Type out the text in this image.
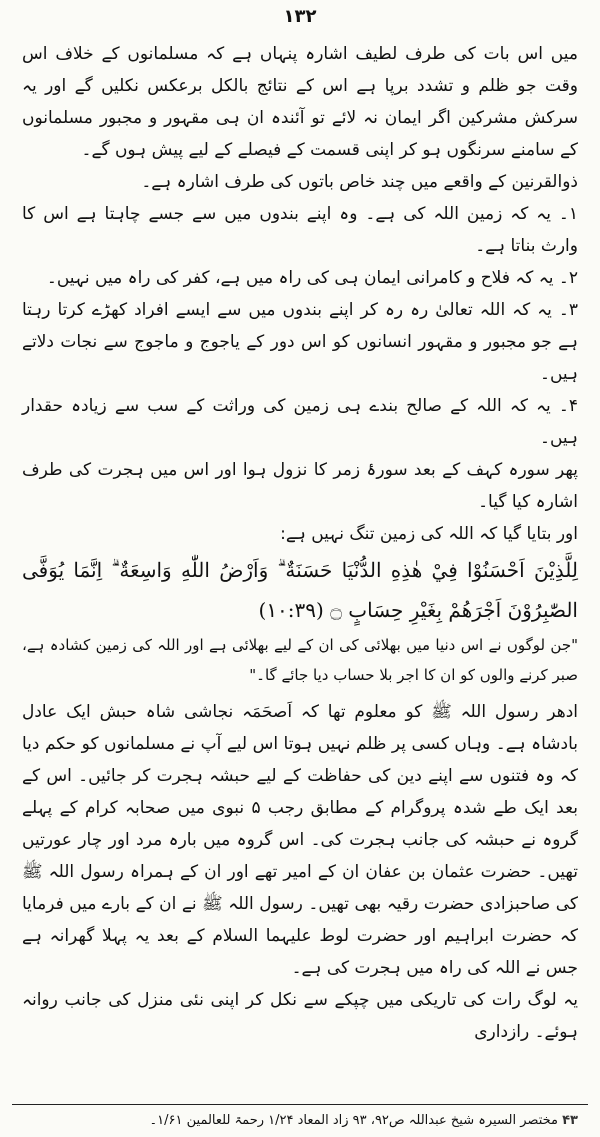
۱۳۲

میں اس بات کی طرف لطیف اشارہ پنہاں ہے کہ مسلمانوں کے خلاف اس وقت جو ظلم و تشدد برپا ہے اس کے نتائج بالکل برعکس نکلیں گے اور یہ سرکش مشرکین اگر ایمان نہ لائے تو آئندہ ان ہی مقہور و مجبور مسلمانوں کے سامنے سرنگوں ہو کر اپنی قسمت کے فیصلے کے لیے پیش ہوں گے۔

ذوالقرنین کے واقعے میں چند خاص باتوں کی طرف اشارہ ہے۔

۱۔ یہ کہ زمین اللہ کی ہے۔ وہ اپنے بندوں میں سے جسے چاہتا ہے اس کا وارث بناتا ہے۔

۲۔ یہ کہ فلاح و کامرانی ایمان ہی کی راہ میں ہے، کفر کی راہ میں نہیں۔

۳۔ یہ کہ اللہ تعالیٰ رہ رہ کر اپنے بندوں میں سے ایسے افراد کھڑے کرتا رہتا ہے جو مجبور و مقہور انسانوں کو اس دور کے یاجوج و ماجوج سے نجات دلاتے ہیں۔

۴۔ یہ کہ اللہ کے صالح بندے ہی زمین کی وراثت کے سب سے زیادہ حقدار ہیں۔

پھر سورہ کہف کے بعد سورۂ زمر کا نزول ہوا اور اس میں ہجرت کی طرف اشارہ کیا گیا۔

اور بتایا گیا کہ اللہ کی زمین تنگ نہیں ہے:

لِلَّذِيْنَ اَحْسَنُوْا فِيْ هٰذِهِ الدُّنْيَا حَسَنَةٌ ۗ وَاَرْضُ اللّٰهِ وَاسِعَةٌ ۗ اِنَّمَا يُوَفَّى الصّٰبِرُوْنَ اَجْرَهُمْ بِغَيْرِ حِسَابٍ ۝ (۱۰:۳۹)

"جن لوگوں نے اس دنیا میں بھلائی کی ان کے لیے بھلائی ہے اور اللہ کی زمین کشادہ ہے، صبر کرنے والوں کو ان کا اجر بلا حساب دیا جائے گا۔"

ادھر رسول اللہ ﷺ کو معلوم تھا کہ اَصحَمَہ نجاشی شاہ حبش ایک عادل بادشاہ ہے۔ وہاں کسی پر ظلم نہیں ہوتا اس لیے آپ نے مسلمانوں کو حکم دیا کہ وہ فتنوں سے اپنے دین کی حفاظت کے لیے حبشہ ہجرت کر جائیں۔ اس کے بعد ایک طے شدہ پروگرام کے مطابق رجب ۵ نبوی میں صحابہ کرام کے پہلے گروہ نے حبشہ کی جانب ہجرت کی۔ اس گروہ میں بارہ مرد اور چار عورتیں تھیں۔ حضرت عثمان بن عفان ان کے امیر تھے اور ان کے ہمراہ رسول اللہ ﷺ کی صاحبزادی حضرت رقیہ بھی تھیں۔ رسول اللہ ﷺ نے ان کے بارے میں فرمایا کہ حضرت ابراہیم اور حضرت لوط علیہما السلام کے بعد یہ پہلا گھرانہ ہے جس نے اللہ کی راہ میں ہجرت کی ہے۔

یہ لوگ رات کی تاریکی میں چپکے سے نکل کر اپنی نئی منزل کی جانب روانہ ہوئے۔ رازداری

۴۳ مختصر السیرہ شیخ عبداللہ ص۹۲، ۹۳ زاد المعاد ۱/۲۴ رحمۃ للعالمین ۱/۶۱۔
